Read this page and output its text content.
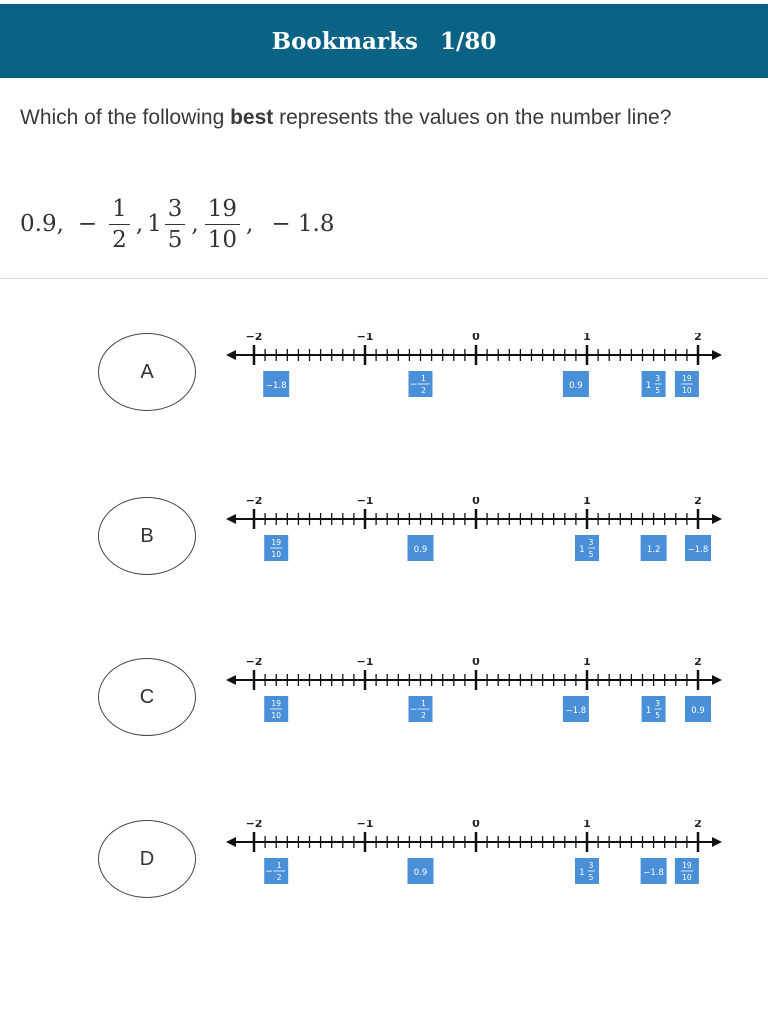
Bookmarks 1/80
Which of the following best represents the values on the number line?
0.9, − $\frac{1}{2}$ , $1 \frac{3}{5}$ , $\frac{19}{10}$ , − 1.8
A
−2	−1	0	1	2
−1.8	−
1
2	0.9	1
3
5
19
10
B
−2	−1	0	1	2
19
10	0.9	1
3
5	1.2	−1.8
C
−2	−1	0	1	2
19
10
−
1
2	−1.8	1
3
5	0.9
D
−2	−1	0	1	2
−
1
2	0.9	1
3
5	−1.8
19
10
